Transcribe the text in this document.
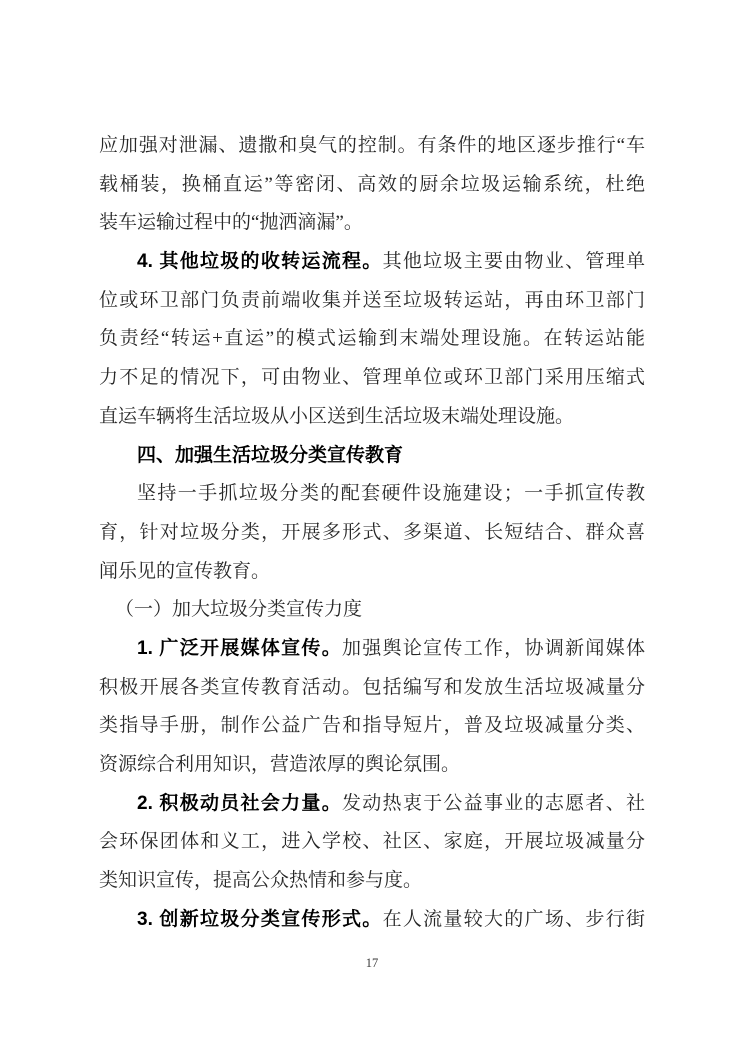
应加强对泄漏、遗撒和臭气的控制。有条件的地区逐步推行“车
载桶装，换桶直运”等密闭、高效的厨余垃圾运输系统，杜绝
装车运输过程中的“抛洒滴漏”。
4. 其他垃圾的收转运流程。其他垃圾主要由物业、管理单
位或环卫部门负责前端收集并送至垃圾转运站，再由环卫部门
负责经“转运+直运”的模式运输到末端处理设施。在转运站能
力不足的情况下，可由物业、管理单位或环卫部门采用压缩式
直运车辆将生活垃圾从小区送到生活垃圾末端处理设施。
四、加强生活垃圾分类宣传教育
坚持一手抓垃圾分类的配套硬件设施建设；一手抓宣传教
育，针对垃圾分类，开展多形式、多渠道、长短结合、群众喜
闻乐见的宣传教育。
（一）加大垃圾分类宣传力度
1. 广泛开展媒体宣传。加强舆论宣传工作，协调新闻媒体
积极开展各类宣传教育活动。包括编写和发放生活垃圾减量分
类指导手册，制作公益广告和指导短片，普及垃圾减量分类、
资源综合利用知识，营造浓厚的舆论氛围。
2. 积极动员社会力量。发动热衷于公益事业的志愿者、社
会环保团体和义工，进入学校、社区、家庭，开展垃圾减量分
类知识宣传，提高公众热情和参与度。
3. 创新垃圾分类宣传形式。在人流量较大的广场、步行街
17
